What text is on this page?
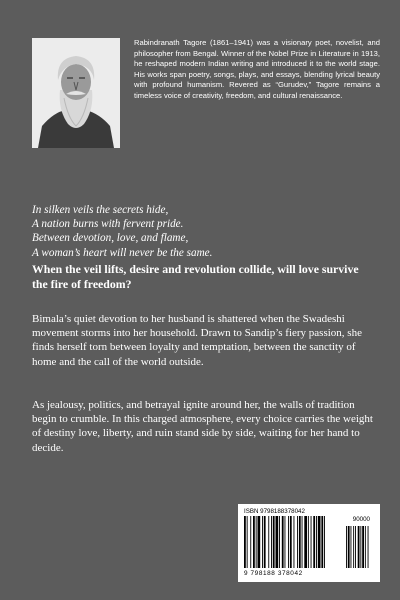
Rabindranath Tagore (1861–1941) was a visionary poet, novelist, and philosopher from Bengal. Winner of the Nobel Prize in Literature in 1913, he reshaped modern Indian writing and introduced it to the world stage. His works span poetry, songs, plays, and essays, blending lyrical beauty with profound humanism. Revered as “Gurudev,” Tagore remains a timeless voice of creativity, freedom, and cultural renaissance.

In silken veils the secrets hide,
A nation burns with fervent pride.
Between devotion, love, and flame,
A woman’s heart will never be the same.

When the veil lifts, desire and revolution collide, will love survive the fire of freedom?

Bimala’s quiet devotion to her husband is shattered when the Swadeshi movement storms into her household. Drawn to Sandip’s fiery passion, she finds herself torn between loyalty and temptation, between the sanctity of home and the call of the world outside.

As jealousy, politics, and betrayal ignite around her, the walls of tradition begin to crumble. In this charged atmosphere, every choice carries the weight of destiny love, liberty, and ruin stand side by side, waiting for her hand to decide.

ISBN 9798188378042
90000
9 798188 378042
